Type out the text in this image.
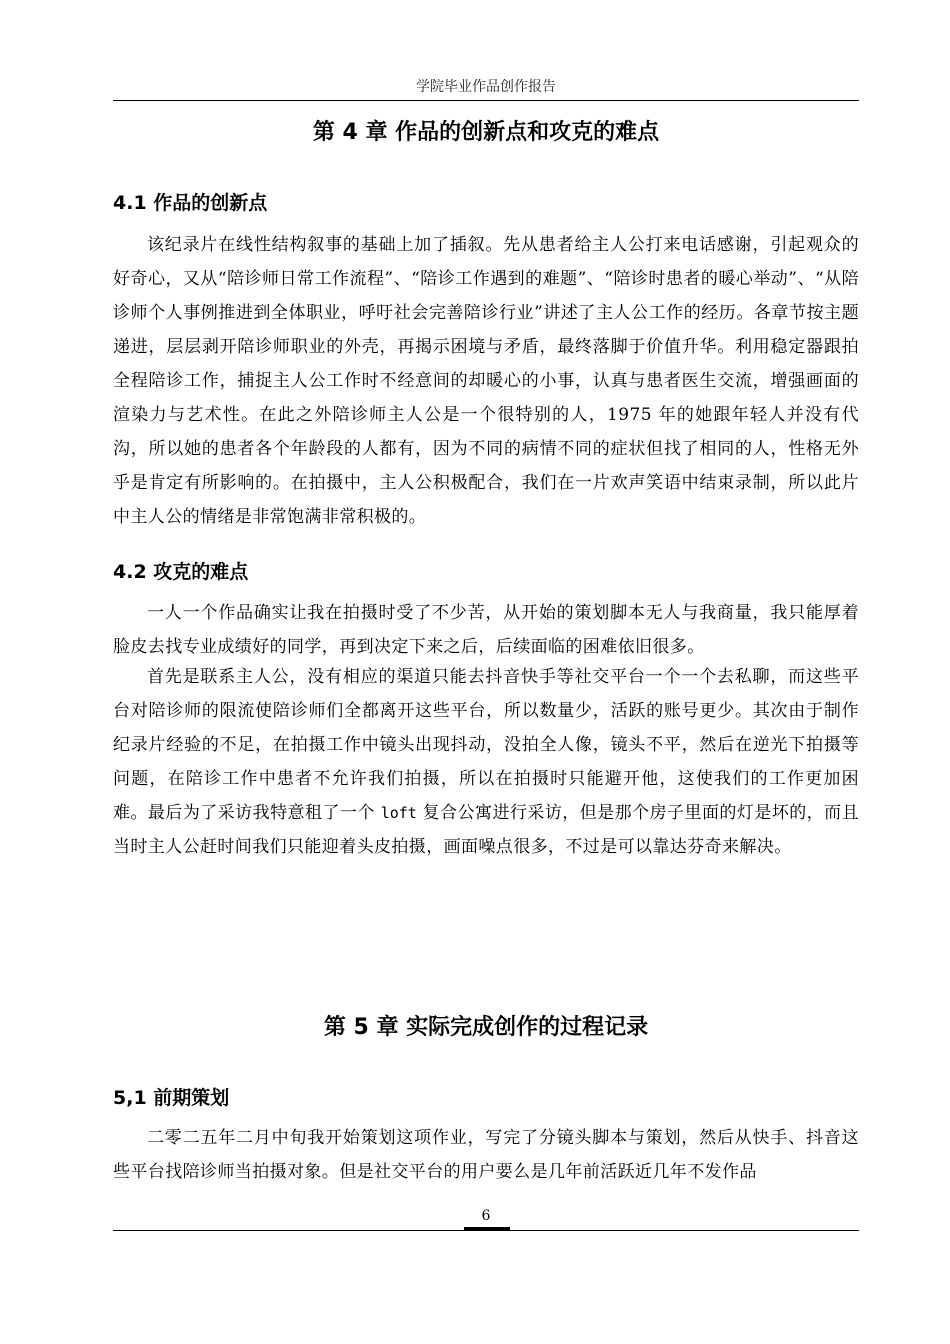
学院毕业作品创作报告
第 4 章 作品的创新点和攻克的难点
4.1 作品的创新点

该纪录片在线性结构叙事的基础上加了插叙。先从患者给主人公打来电话感谢，引起观众的好奇心，又从“陪诊师日常工作流程”、“陪诊工作遇到的难题”、“陪诊时患者的暖心举动”、“从陪诊师个人事例推进到全体职业，呼吁社会完善陪诊行业”讲述了主人公工作的经历。各章节按主题递进，层层剥开陪诊师职业的外壳，再揭示困境与矛盾，最终落脚于价值升华。利用稳定器跟拍全程陪诊工作，捕捉主人公工作时不经意间的却暖心的小事，认真与患者医生交流，增强画面的渲染力与艺术性。在此之外陪诊师主人公是一个很特别的人，1975 年的她跟年轻人并没有代沟，所以她的患者各个年龄段的人都有，因为不同的病情不同的症状但找了相同的人，性格无外乎是肯定有所影响的。在拍摄中，主人公积极配合，我们在一片欢声笑语中结束录制，所以此片中主人公的情绪是非常饱满非常积极的。

4.2 攻克的难点

一人一个作品确实让我在拍摄时受了不少苦，从开始的策划脚本无人与我商量，我只能厚着脸皮去找专业成绩好的同学，再到决定下来之后，后续面临的困难依旧很多。

首先是联系主人公，没有相应的渠道只能去抖音快手等社交平台一个一个去私聊，而这些平台对陪诊师的限流使陪诊师们全都离开这些平台，所以数量少，活跃的账号更少。其次由于制作纪录片经验的不足，在拍摄工作中镜头出现抖动，没拍全人像，镜头不平，然后在逆光下拍摄等问题，在陪诊工作中患者不允许我们拍摄，所以在拍摄时只能避开他，这使我们的工作更加困难。最后为了采访我特意租了一个 loft 复合公寓进行采访，但是那个房子里面的灯是坏的，而且当时主人公赶时间我们只能迎着头皮拍摄，画面噪点很多，不过是可以靠达芬奇来解决。

第 5 章 实际完成创作的过程记录
5,1 前期策划

二零二五年二月中旬我开始策划这项作业，写完了分镜头脚本与策划，然后从快手、抖音这些平台找陪诊师当拍摄对象。但是社交平台的用户要么是几年前活跃近几年不发作品

6
